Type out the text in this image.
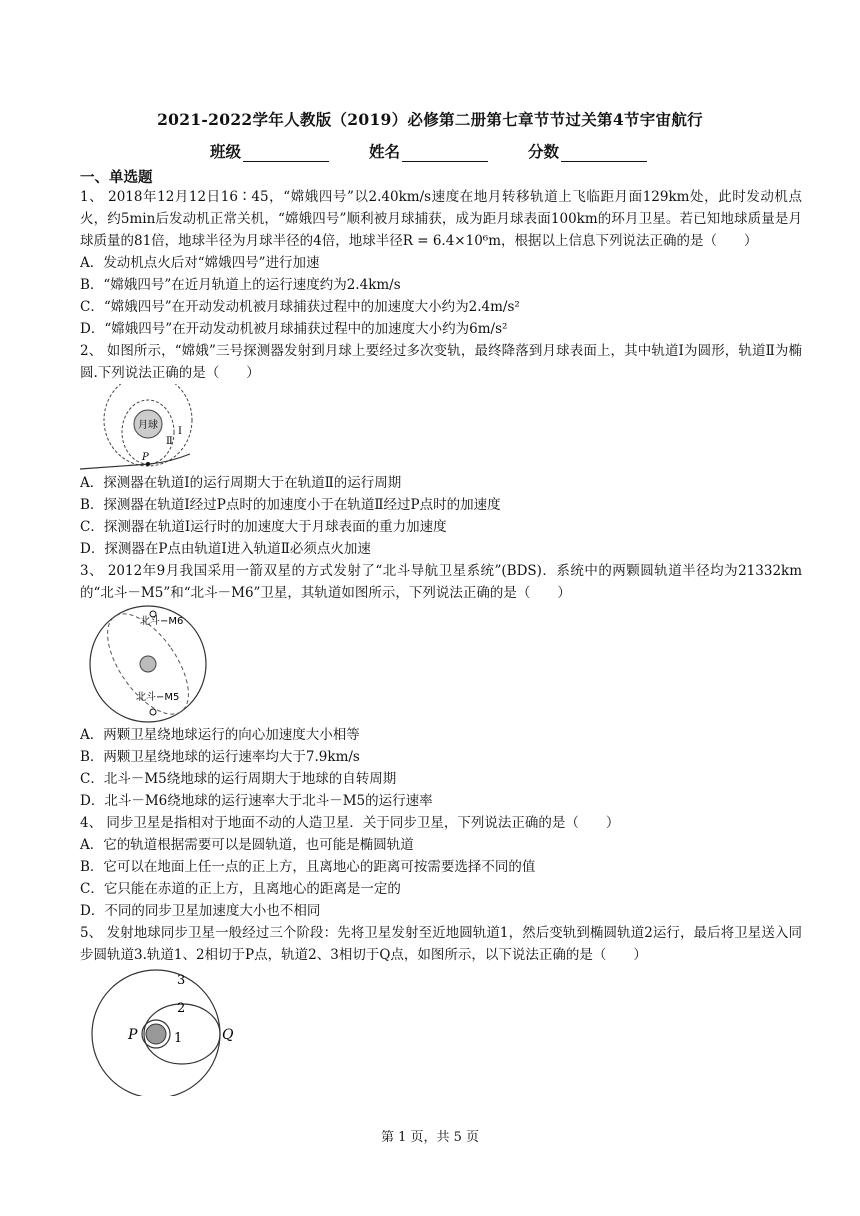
2021-2022学年人教版（2019）必修第二册第七章节节过关第4节宇宙航行
班级	姓名	分数
一、单选题
1、 2018年12月12日16∶45，“嫦娥四号”以2.40km/s速度在地月转移轨道上飞临距月面129km处，此时发动机点火，约5min后发动机正常关机，“嫦娥四号”顺利被月球捕获，成为距月球表面100km的环月卫星。若已知地球质量是月球质量的81倍，地球半径为月球半径的4倍，地球半径R = 6.4×10⁶m，根据以上信息下列说法正确的是（　　）
A．发动机点火后对“嫦娥四号”进行加速
B．“嫦娥四号”在近月轨道上的运行速度约为2.4km/s
C．“嫦娥四号”在开动发动机被月球捕获过程中的加速度大小约为2.4m/s²
D．“嫦娥四号”在开动发动机被月球捕获过程中的加速度大小约为6m/s²
2、 如图所示，“嫦娥”三号探测器发射到月球上要经过多次变轨，最终降落到月球表面上，其中轨道Ⅰ为圆形，轨道Ⅱ为椭圆.下列说法正确的是（　　）
月球
P
Ⅰ
Ⅱ
A．探测器在轨道Ⅰ的运行周期大于在轨道Ⅱ的运行周期
B．探测器在轨道Ⅰ经过P点时的加速度小于在轨道Ⅱ经过P点时的加速度
C．探测器在轨道Ⅰ运行时的加速度大于月球表面的重力加速度
D．探测器在P点由轨道Ⅰ进入轨道Ⅱ必须点火加速
3、 2012年9月我国采用一箭双星的方式发射了“北斗导航卫星系统”(BDS)．系统中的两颗圆轨道半径均为21332km的“北斗－M5”和“北斗－M6”卫星，其轨道如图所示，下列说法正确的是（　　）
北斗−M6
北斗−M5
A．两颗卫星绕地球运行的向心加速度大小相等
B．两颗卫星绕地球的运行速率均大于7.9km/s
C．北斗－M5绕地球的运行周期大于地球的自转周期
D．北斗－M6绕地球的运行速率大于北斗－M5的运行速率
4、 同步卫星是指相对于地面不动的人造卫星．关于同步卫星，下列说法正确的是（　　）
A．它的轨道根据需要可以是圆轨道，也可能是椭圆轨道
B．它可以在地面上任一点的正上方，且离地心的距离可按需要选择不同的值
C．它只能在赤道的正上方，且离地心的距离是一定的
D．不同的同步卫星加速度大小也不相同
5、 发射地球同步卫星一般经过三个阶段：先将卫星发射至近地圆轨道1，然后变轨到椭圆轨道2运行，最后将卫星送入同步圆轨道3.轨道1、2相切于P点，轨道2、3相切于Q点，如图所示，以下说法正确的是（　　）
P	Q
1
2
3
第 1 页，共 5 页
